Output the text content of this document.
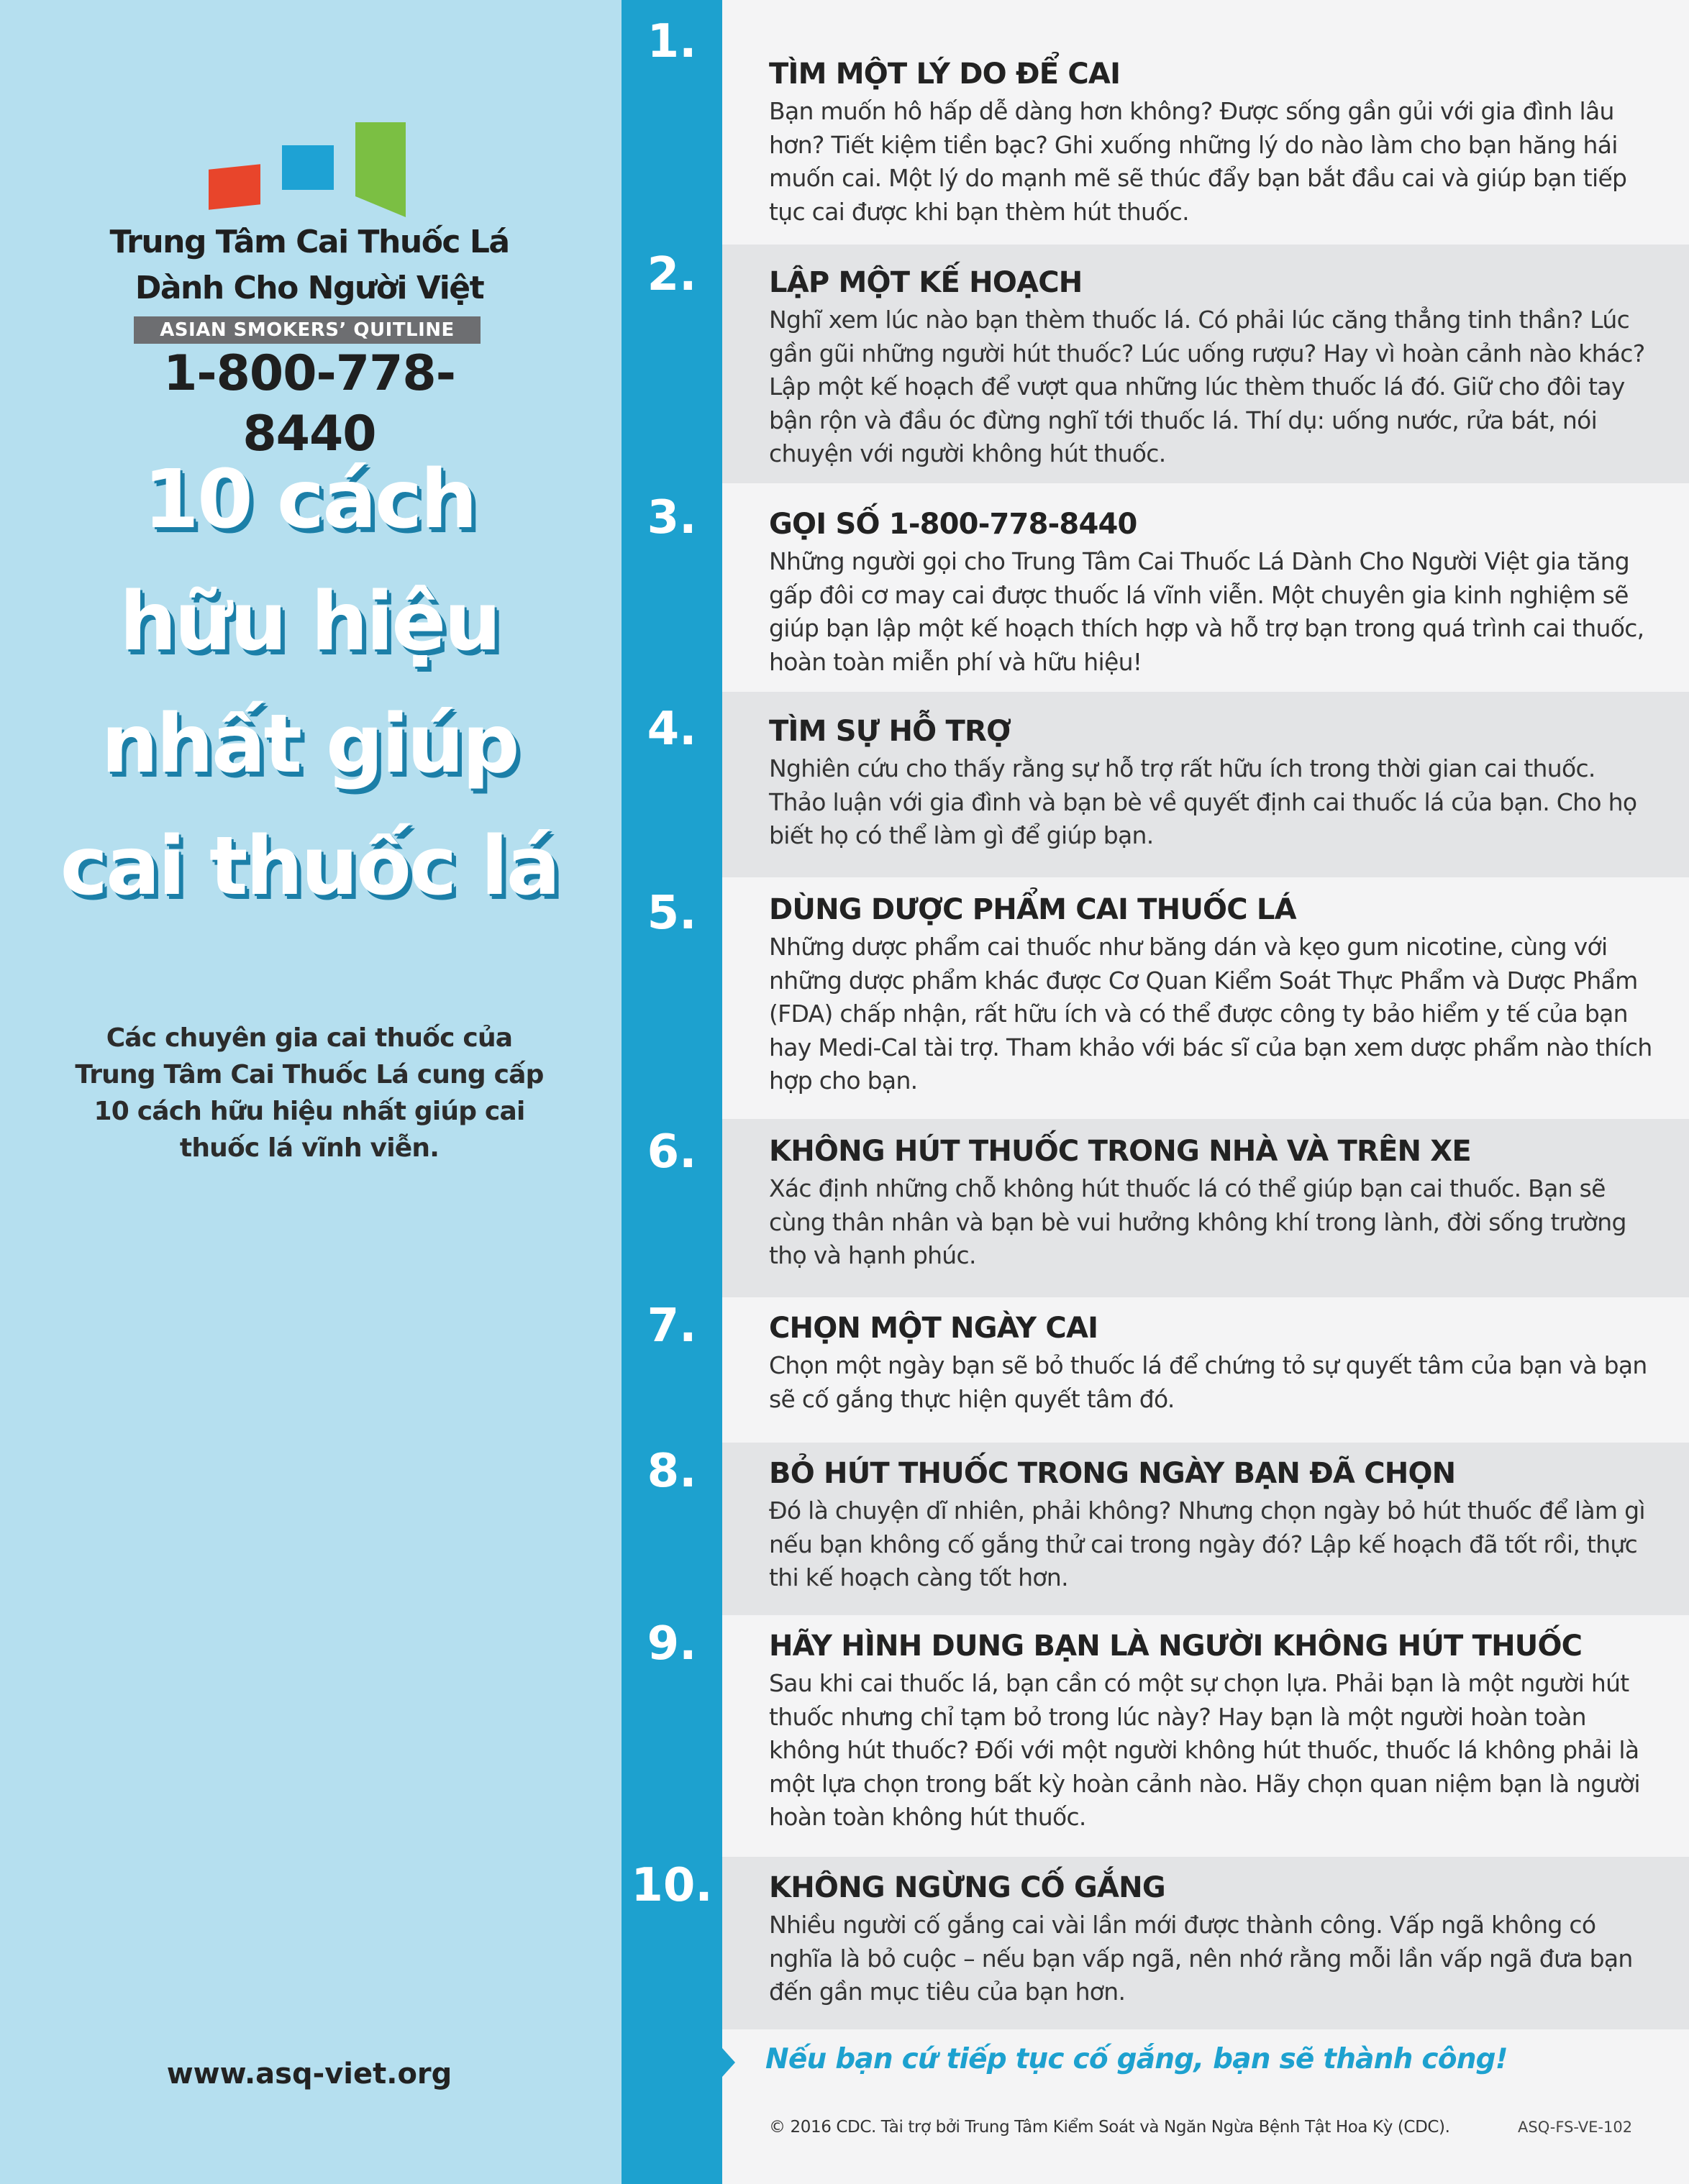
1.
TÌM MỘT LÝ DO ĐỂ CAI
Bạn muốn hô hấp dễ dàng hơn không? Được sống gần gủi với gia đình lâu hơn? Tiết kiệm tiền bạc? Ghi xuống những lý do nào làm cho bạn hăng hái muốn cai. Một lý do mạnh mẽ sẽ thúc đẩy bạn bắt đầu cai và giúp bạn tiếp tục cai được khi bạn thèm hút thuốc.
2.	LẬP MỘT KẾ HOẠCH
Nghĩ xem lúc nào bạn thèm thuốc lá. Có phải lúc căng thẳng tinh thần? Lúc gần gũi những người hút thuốc? Lúc uống rượu? Hay vì hoàn cảnh nào khác? Lập một kế hoạch để vượt qua những lúc thèm thuốc lá đó. Giữ cho đôi tay bận rộn và đầu óc đừng nghĩ tới thuốc lá. Thí dụ: uống nước, rửa bát, nói chuyện với người không hút thuốc.
3.	GỌI SỐ 1-800-778-8440
Những người gọi cho Trung Tâm Cai Thuốc Lá Dành Cho Người Việt gia tăng gấp đôi cơ may cai được thuốc lá vĩnh viễn. Một chuyên gia kinh nghiệm sẽ giúp bạn lập một kế hoạch thích hợp và hỗ trợ bạn trong quá trình cai thuốc, hoàn toàn miễn phí và hữu hiệu!
4.	TÌM SỰ HỖ TRỢ
Nghiên cứu cho thấy rằng sự hỗ trợ rất hữu ích trong thời gian cai thuốc. Thảo luận với gia đình và bạn bè về quyết định cai thuốc lá của bạn. Cho họ biết họ có thể làm gì để giúp bạn.
5.	DÙNG DƯỢC PHẨM CAI THUỐC LÁ
Những dược phẩm cai thuốc như băng dán và kẹo gum nicotine, cùng với những dược phẩm khác được Cơ Quan Kiểm Soát Thực Phẩm và Dược Phẩm (FDA) chấp nhận, rất hữu ích và có thể được công ty bảo hiểm y tế của bạn hay Medi-Cal tài trợ. Tham khảo với bác sĩ của bạn xem dược phẩm nào thích hợp cho bạn.
6.	KHÔNG HÚT THUỐC TRONG NHÀ VÀ TRÊN XE
Xác định những chỗ không hút thuốc lá có thể giúp bạn cai thuốc. Bạn sẽ cùng thân nhân và bạn bè vui hưởng không khí trong lành, đời sống trường thọ và hạnh phúc.
7.	CHỌN MỘT NGÀY CAI
Chọn một ngày bạn sẽ bỏ thuốc lá để chứng tỏ sự quyết tâm của bạn và bạn sẽ cố gắng thực hiện quyết tâm đó.
8.	BỎ HÚT THUỐC TRONG NGÀY BẠN ĐÃ CHỌN
Đó là chuyện dĩ nhiên, phải không? Nhưng chọn ngày bỏ hút thuốc để làm gì nếu bạn không cố gắng thử cai trong ngày đó? Lập kế hoạch đã tốt rồi, thực thi kế hoạch càng tốt hơn.
9.	HÃY HÌNH DUNG BẠN LÀ NGƯỜI KHÔNG HÚT THUỐC
Sau khi cai thuốc lá, bạn cần có một sự chọn lựa. Phải bạn là một người hút thuốc nhưng chỉ tạm bỏ trong lúc này? Hay bạn là một người hoàn toàn không hút thuốc? Đối với một người không hút thuốc, thuốc lá không phải là một lựa chọn trong bất kỳ hoàn cảnh nào. Hãy chọn quan niệm bạn là người hoàn toàn không hút thuốc.
10.	KHÔNG NGỪNG CỐ GẮNG
Nhiều người cố gắng cai vài lần mới được thành công. Vấp ngã không có nghĩa là bỏ cuộc – nếu bạn vấp ngã, nên nhớ rằng mỗi lần vấp ngã đưa bạn đến gần mục tiêu của bạn hơn.
Trung Tâm Cai Thuốc Lá
Dành Cho Người Việt
ASIAN SMOKERS’ QUITLINE
1-800-778-8440
10 cách
hữu hiệu
nhất giúp
cai thuốc lá
Các chuyên gia cai thuốc của Trung Tâm Cai Thuốc Lá cung cấp 10 cách hữu hiệu nhất giúp cai thuốc lá vĩnh viễn.
www.asq-viet.org	Nếu bạn cứ tiếp tục cố gắng, bạn sẽ thành công!
© 2016 CDC. Tài trợ bởi Trung Tâm Kiểm Soát và Ngăn Ngừa Bệnh Tật Hoa Kỳ (CDC).	ASQ-FS-VE-102
